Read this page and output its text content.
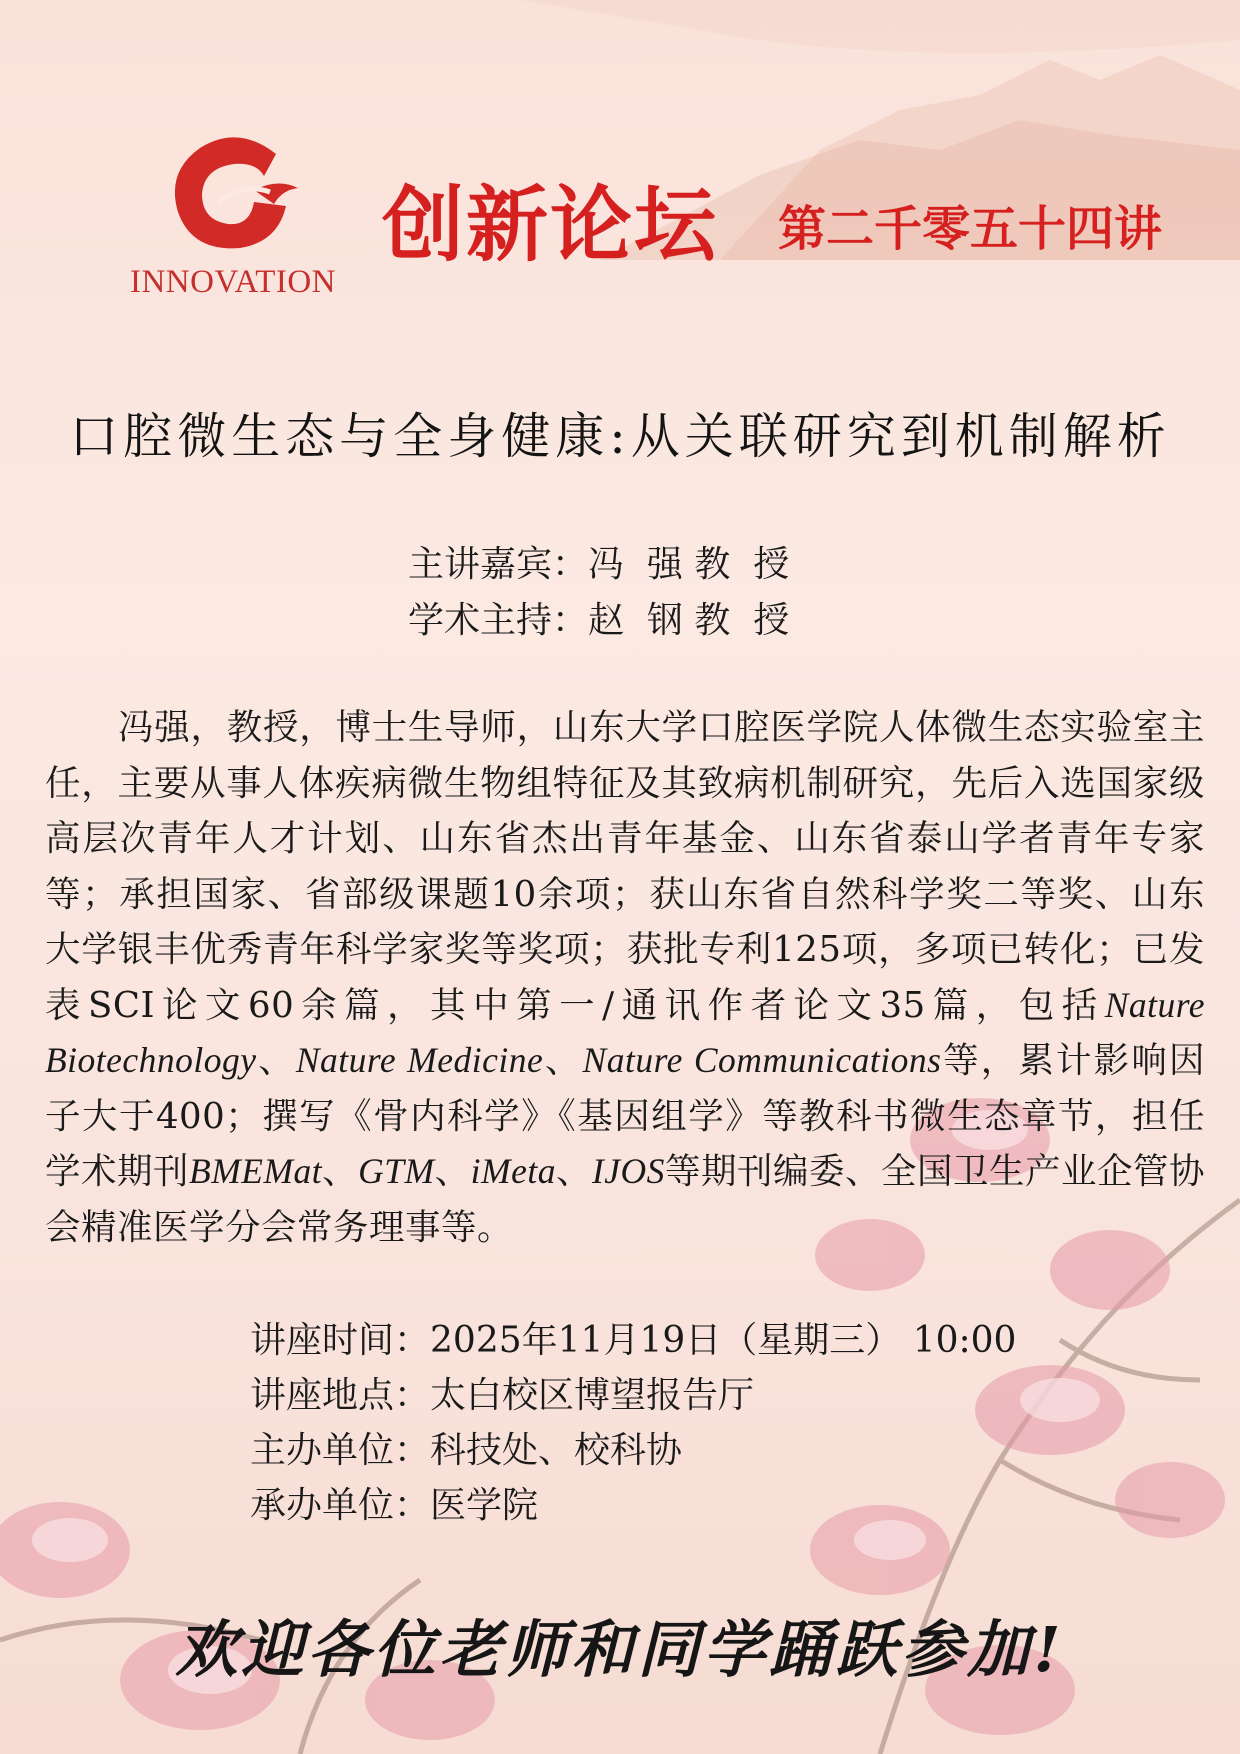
INNOVATION
创新论坛 第二千零五十四讲
口腔微生态与全身健康:从关联研究到机制解析
主讲嘉宾：冯  强 教  授
学术主持：赵  钢 教  授
冯强，教授，博士生导师，山东大学口腔医学院人体微生态实验室主任，主要从事人体疾病微生物组特征及其致病机制研究，先后入选国家级高层次青年人才计划、山东省杰出青年基金、山东省泰山学者青年专家等；承担国家、省部级课题10余项；获山东省自然科学奖二等奖、山东大学银丰优秀青年科学家奖等奖项；获批专利125项，多项已转化；已发表SCI论文60余篇，其中第一/通讯作者论文35篇，包括Nature Biotechnology、Nature Medicine、Nature Communications等，累计影响因子大于400；撰写《骨内科学》《基因组学》等教科书微生态章节，担任学术期刊BMEMat、GTM、iMeta、IJOS等期刊编委、全国卫生产业企管协会精准医学分会常务理事等。
讲座时间：2025年11月19日（星期三） 10:00
讲座地点：太白校区博望报告厅
主办单位：科技处、校科协
承办单位：医学院
欢迎各位老师和同学踊跃参加!
